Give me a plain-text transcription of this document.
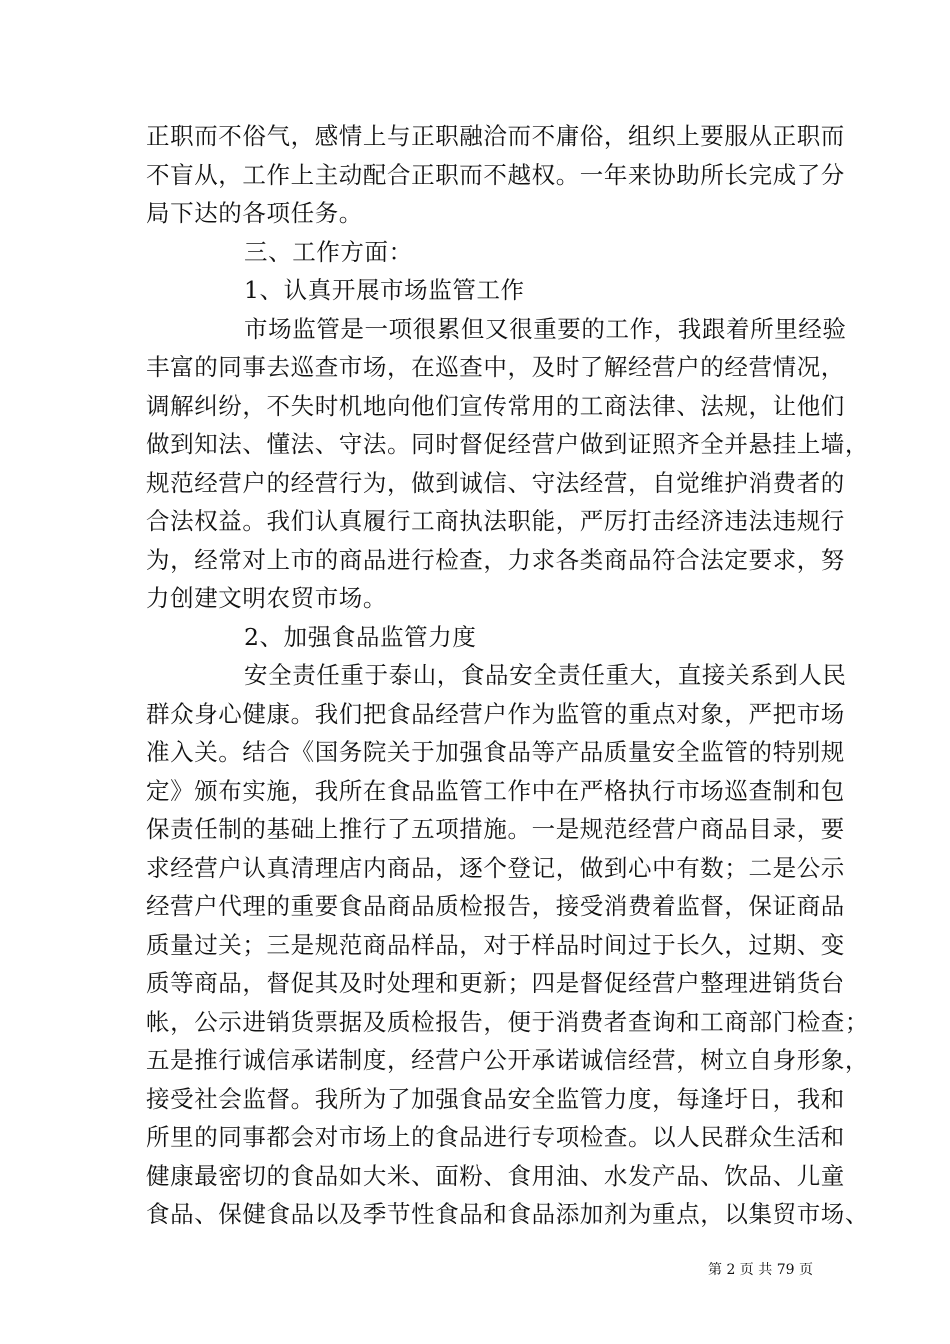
正职而不俗气，感情上与正职融洽而不庸俗，组织上要服从正职而
不盲从，工作上主动配合正职而不越权。一年来协助所长完成了分
局下达的各项任务。
三、工作方面：
1、认真开展市场监管工作
市场监管是一项很累但又很重要的工作，我跟着所里经验
丰富的同事去巡查市场，在巡查中，及时了解经营户的经营情况，
调解纠纷，不失时机地向他们宣传常用的工商法律、法规，让他们
做到知法、懂法、守法。同时督促经营户做到证照齐全并悬挂上墙，
规范经营户的经营行为，做到诚信、守法经营，自觉维护消费者的
合法权益。我们认真履行工商执法职能，严厉打击经济违法违规行
为，经常对上市的商品进行检查，力求各类商品符合法定要求，努
力创建文明农贸市场。
2、加强食品监管力度
安全责任重于泰山，食品安全责任重大，直接关系到人民
群众身心健康。我们把食品经营户作为监管的重点对象，严把市场
准入关。结合《国务院关于加强食品等产品质量安全监管的特别规
定》颁布实施，我所在食品监管工作中在严格执行市场巡查制和包
保责任制的基础上推行了五项措施。一是规范经营户商品目录，要
求经营户认真清理店内商品，逐个登记，做到心中有数；二是公示
经营户代理的重要食品商品质检报告，接受消费着监督，保证商品
质量过关；三是规范商品样品，对于样品时间过于长久，过期、变
质等商品，督促其及时处理和更新；四是督促经营户整理进销货台
帐，公示进销货票据及质检报告，便于消费者查询和工商部门检查；
五是推行诚信承诺制度，经营户公开承诺诚信经营，树立自身形象，
接受社会监督。我所为了加强食品安全监管力度，每逢圩日，我和
所里的同事都会对市场上的食品进行专项检查。以人民群众生活和
健康最密切的食品如大米、面粉、食用油、水发产品、饮品、儿童
食品、保健食品以及季节性食品和食品添加剂为重点，以集贸市场、
第 2 页 共 79 页
